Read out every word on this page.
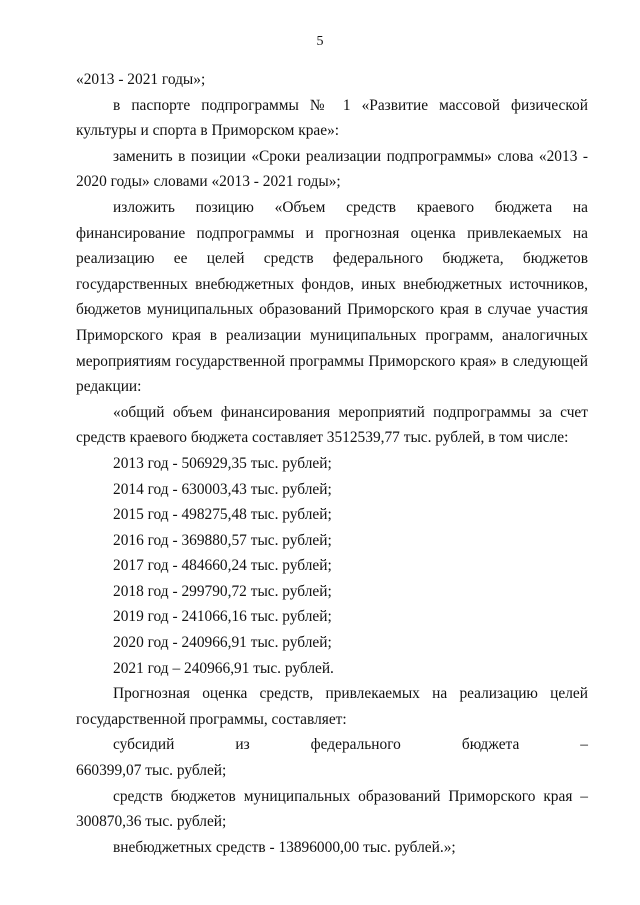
5

«2013 - 2021 годы»;

в паспорте подпрограммы № 1 «Развитие массовой физической культуры и спорта в Приморском крае»:

заменить в позиции «Сроки реализации подпрограммы» слова «2013 - 2020 годы» словами «2013 - 2021 годы»;

изложить позицию «Объем средств краевого бюджета на финансирование подпрограммы и прогнозная оценка привлекаемых на реализацию ее целей средств федерального бюджета, бюджетов государственных внебюджетных фондов, иных внебюджетных источников, бюджетов муниципальных образований Приморского края в случае участия Приморского края в реализации муниципальных программ, аналогичных мероприятиям государственной программы Приморского края» в следующей редакции:

«общий объем финансирования мероприятий подпрограммы за счет средств краевого бюджета составляет 3512539,77 тыс. рублей, в том числе:

2013 год - 506929,35 тыс. рублей;

2014 год - 630003,43 тыс. рублей;

2015 год - 498275,48 тыс. рублей;

2016 год - 369880,57 тыс. рублей;

2017 год - 484660,24 тыс. рублей;

2018 год - 299790,72 тыс. рублей;

2019 год - 241066,16 тыс. рублей;

2020 год - 240966,91 тыс. рублей;

2021 год – 240966,91 тыс. рублей.

Прогнозная оценка средств, привлекаемых на реализацию целей государственной программы, составляет:

субсидий из федерального бюджета –

660399,07 тыс. рублей;

средств бюджетов муниципальных образований Приморского края – 300870,36 тыс. рублей;

внебюджетных средств - 13896000,00 тыс. рублей.»;
